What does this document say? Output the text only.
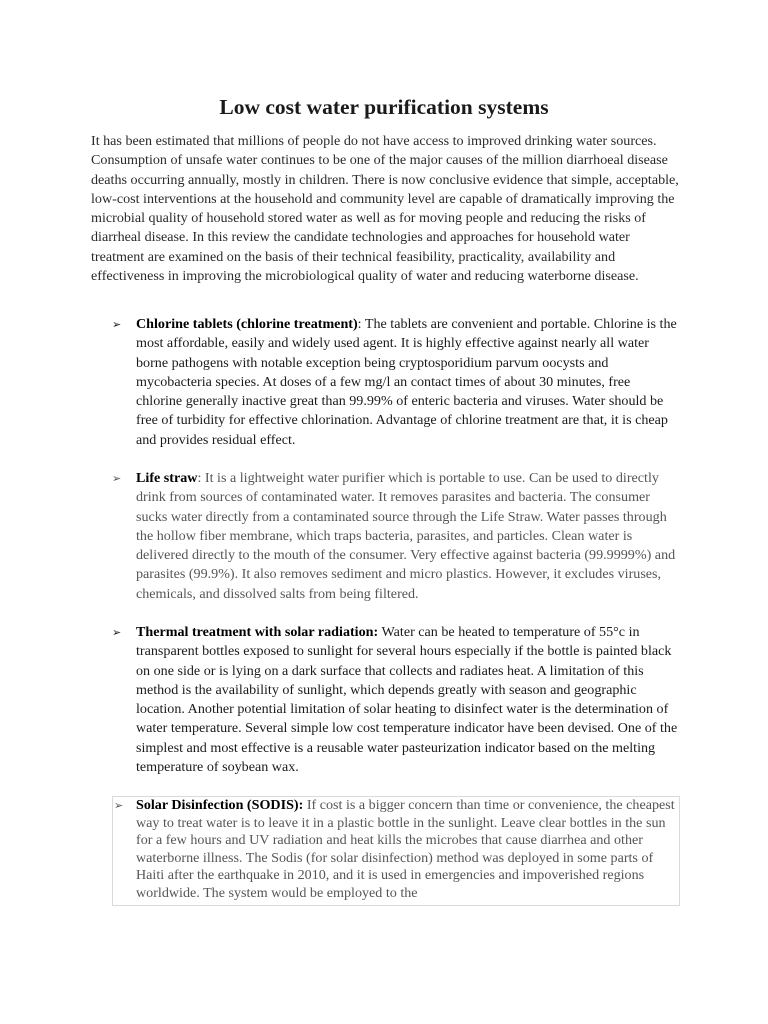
Low cost water purification systems

It has been estimated that millions of people do not have access to improved drinking water sources. Consumption of unsafe water continues to be one of the major causes of the million diarrhoeal disease deaths occurring annually, mostly in children. There is now conclusive evidence that simple, acceptable, low-cost interventions at the household and community level are capable of dramatically improving the microbial quality of household stored water as well as for moving people and reducing the risks of diarrheal disease. In this review the candidate technologies and approaches for household water treatment are examined on the basis of their technical feasibility, practicality, availability and effectiveness in improving the microbiological quality of water and reducing waterborne disease.

➢	Chlorine tablets (chlorine treatment): The tablets are convenient and portable. Chlorine is the most affordable, easily and widely used agent. It is highly effective against nearly all water borne pathogens with notable exception being cryptosporidium parvum oocysts and mycobacteria species. At doses of a few mg/l an contact times of about 30 minutes, free chlorine generally inactive great than 99.99% of enteric bacteria and viruses. Water should be free of turbidity for effective chlorination. Advantage of chlorine treatment are that, it is cheap and provides residual effect.

➢	Life straw: It is a lightweight water purifier which is portable to use. Can be used to directly drink from sources of contaminated water. It removes parasites and bacteria. The consumer sucks water directly from a contaminated source through the Life Straw. Water passes through the hollow fiber membrane, which traps bacteria, parasites, and particles. Clean water is delivered directly to the mouth of the consumer. Very effective against bacteria (99.9999%) and parasites (99.9%). It also removes sediment and micro plastics. However, it excludes viruses, chemicals, and dissolved salts from being filtered.

➢	Thermal treatment with solar radiation: Water can be heated to temperature of 55°c in transparent bottles exposed to sunlight for several hours especially if the bottle is painted black on one side or is lying on a dark surface that collects and radiates heat. A limitation of this method is the availability of sunlight, which depends greatly with season and geographic location. Another potential limitation of solar heating to disinfect water is the determination of water temperature. Several simple low cost temperature indicator have been devised. One of the simplest and most effective is a reusable water pasteurization indicator based on the melting temperature of soybean wax.

➢ Solar Disinfection (SODIS): If cost is a bigger concern than time or convenience, the cheapest way to treat water is to leave it in a plastic bottle in the sunlight. Leave clear bottles in the sun for a few hours and UV radiation and heat kills the microbes that cause diarrhea and other waterborne illness. The Sodis (for solar disinfection) method was deployed in some parts of Haiti after the earthquake in 2010, and it is used in emergencies and impoverished regions worldwide. The system would be employed to the
